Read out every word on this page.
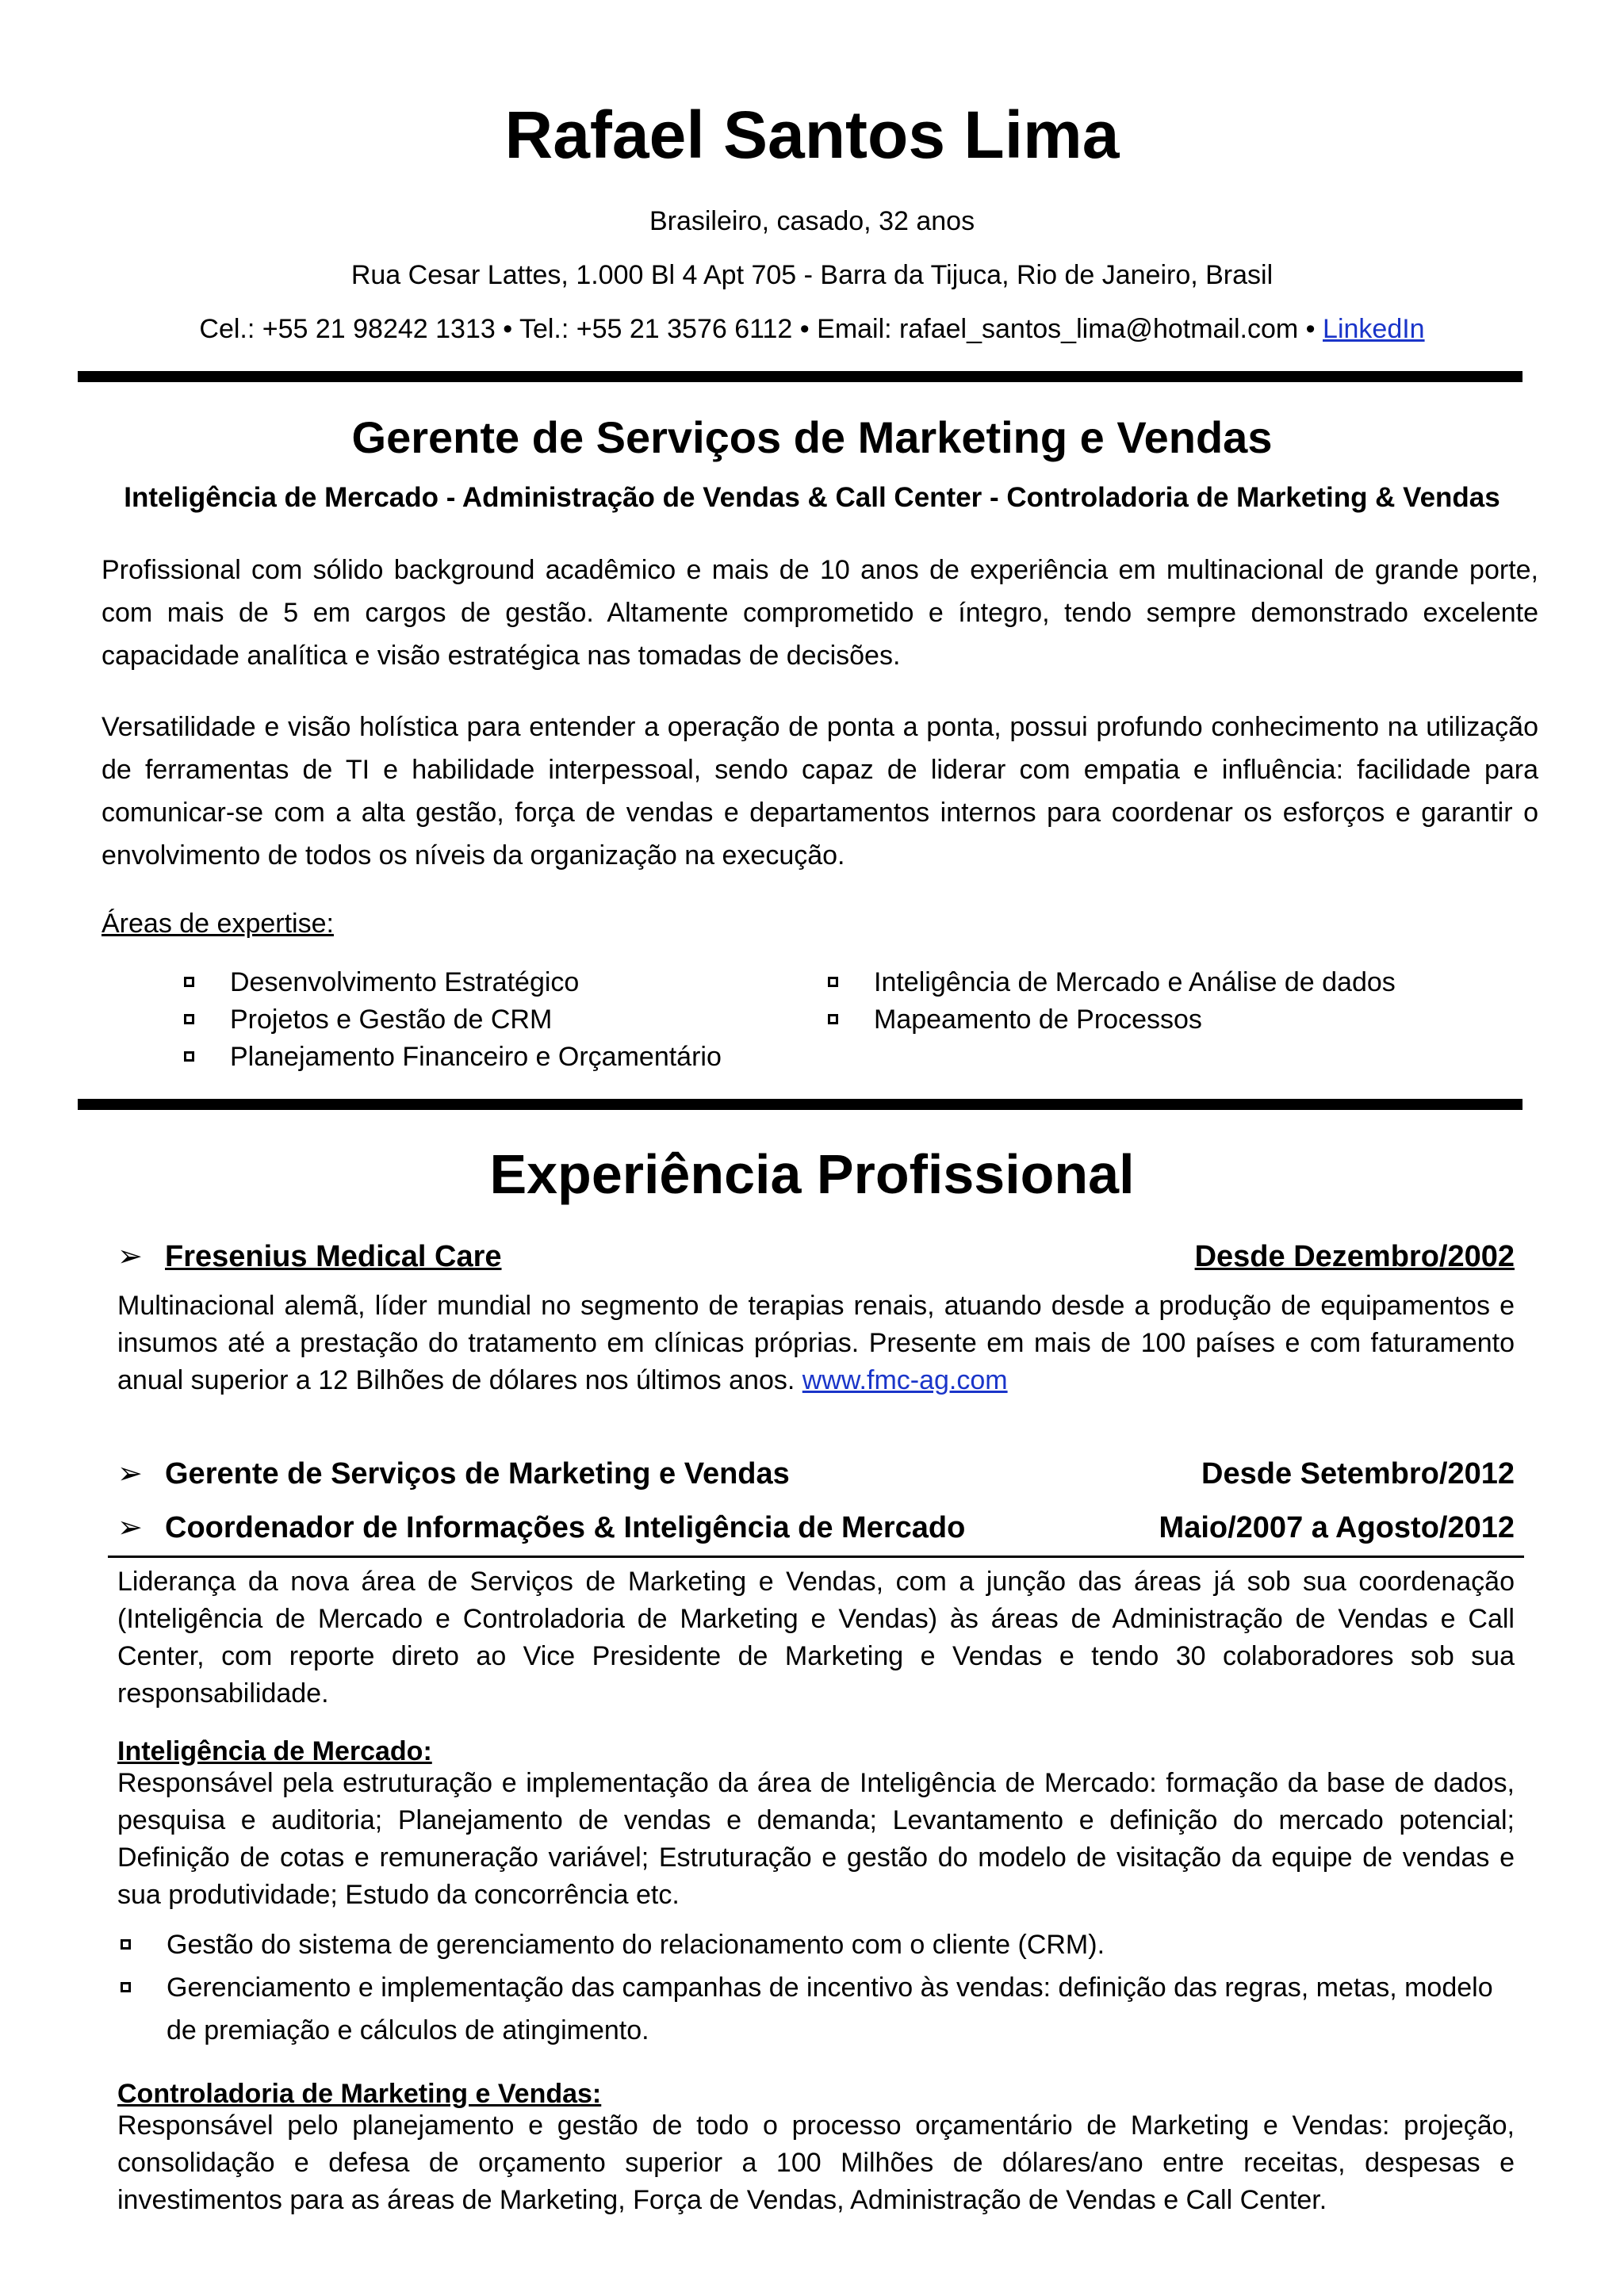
Rafael Santos Lima
Brasileiro, casado, 32 anos
Rua Cesar Lattes, 1.000 Bl 4 Apt 705 - Barra da Tijuca, Rio de Janeiro, Brasil
Cel.: +55 21 98242 1313 • Tel.: +55 21 3576 6112 • Email: rafael_santos_lima@hotmail.com • LinkedIn
Gerente de Serviços de Marketing e Vendas
Inteligência de Mercado - Administração de Vendas & Call Center - Controladoria de Marketing & Vendas
Profissional com sólido background acadêmico e mais de 10 anos de experiência em multinacional de grande porte, com mais de 5 em cargos de gestão. Altamente comprometido e íntegro, tendo sempre demonstrado excelente capacidade analítica e visão estratégica nas tomadas de decisões.
Versatilidade e visão holística para entender a operação de ponta a ponta, possui profundo conhecimento na utilização de ferramentas de TI e habilidade interpessoal, sendo capaz de liderar com empatia e influência: facilidade para comunicar-se com a alta gestão, força de vendas e departamentos internos para coordenar os esforços e garantir o envolvimento de todos os níveis da organização na execução.
Áreas de expertise:
Desenvolvimento Estratégico
Projetos e Gestão de CRM
Planejamento Financeiro e Orçamentário
Inteligência de Mercado e Análise de dados
Mapeamento de Processos
Experiência Profissional
➢ Fresenius Medical Care	Desde Dezembro/2002
Multinacional alemã, líder mundial no segmento de terapias renais, atuando desde a produção de equipamentos e insumos até a prestação do tratamento em clínicas próprias. Presente em mais de 100 países e com faturamento anual superior a 12 Bilhões de dólares nos últimos anos. www.fmc-ag.com
➢ Gerente de Serviços de Marketing e Vendas	Desde Setembro/2012
➢ Coordenador de Informações & Inteligência de Mercado	Maio/2007 a Agosto/2012
Liderança da nova área de Serviços de Marketing e Vendas, com a junção das áreas já sob sua coordenação (Inteligência de Mercado e Controladoria de Marketing e Vendas) às áreas de Administração de Vendas e Call Center, com reporte direto ao Vice Presidente de Marketing e Vendas e tendo 30 colaboradores sob sua responsabilidade.
Inteligência de Mercado:
Responsável pela estruturação e implementação da área de Inteligência de Mercado: formação da base de dados, pesquisa e auditoria; Planejamento de vendas e demanda; Levantamento e definição do mercado potencial; Definição de cotas e remuneração variável; Estruturação e gestão do modelo de visitação da equipe de vendas e sua produtividade; Estudo da concorrência etc.
Gestão do sistema de gerenciamento do relacionamento com o cliente (CRM).
Gerenciamento e implementação das campanhas de incentivo às vendas: definição das regras, metas, modelo de premiação e cálculos de atingimento.
Controladoria de Marketing e Vendas:
Responsável pelo planejamento e gestão de todo o processo orçamentário de Marketing e Vendas: projeção, consolidação e defesa de orçamento superior a 100 Milhões de dólares/ano entre receitas, despesas e investimentos para as áreas de Marketing, Força de Vendas, Administração de Vendas e Call Center.
